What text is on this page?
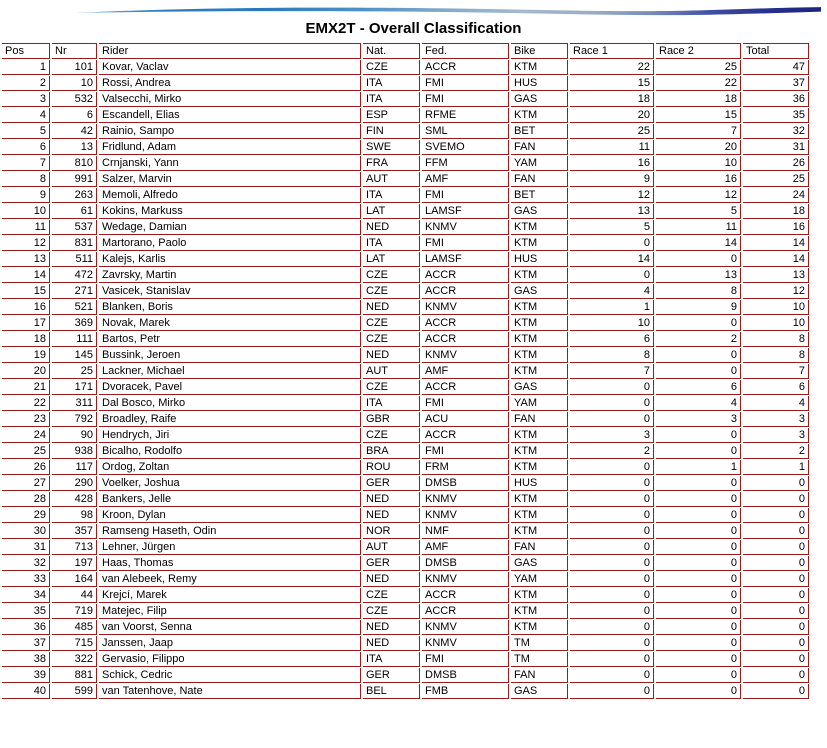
EMX2T - Overall Classification
Pos	Nr	Rider	Nat.	Fed.	Bike	Race 1	Race 2	Total
1	101	Kovar, Vaclav	CZE	ACCR	KTM	22	25	47
2	10	Rossi, Andrea	ITA	FMI	HUS	15	22	37
3	532	Valsecchi, Mirko	ITA	FMI	GAS	18	18	36
4	6	Escandell, Elias	ESP	RFME	KTM	20	15	35
5	42	Rainio, Sampo	FIN	SML	BET	25	7	32
6	13	Fridlund, Adam	SWE	SVEMO	FAN	11	20	31
7	810	Crnjanski, Yann	FRA	FFM	YAM	16	10	26
8	991	Salzer, Marvin	AUT	AMF	FAN	9	16	25
9	263	Memoli, Alfredo	ITA	FMI	BET	12	12	24
10	61	Kokins, Markuss	LAT	LAMSF	GAS	13	5	18
11	537	Wedage, Damian	NED	KNMV	KTM	5	11	16
12	831	Martorano, Paolo	ITA	FMI	KTM	0	14	14
13	511	Kalejs, Karlis	LAT	LAMSF	HUS	14	0	14
14	472	Zavrsky, Martin	CZE	ACCR	KTM	0	13	13
15	271	Vasicek, Stanislav	CZE	ACCR	GAS	4	8	12
16	521	Blanken, Boris	NED	KNMV	KTM	1	9	10
17	369	Novak, Marek	CZE	ACCR	KTM	10	0	10
18	111	Bartos, Petr	CZE	ACCR	KTM	6	2	8
19	145	Bussink, Jeroen	NED	KNMV	KTM	8	0	8
20	25	Lackner, Michael	AUT	AMF	KTM	7	0	7
21	171	Dvoracek, Pavel	CZE	ACCR	GAS	0	6	6
22	311	Dal Bosco, Mirko	ITA	FMI	YAM	0	4	4
23	792	Broadley, Raife	GBR	ACU	FAN	0	3	3
24	90	Hendrych, Jiri	CZE	ACCR	KTM	3	0	3
25	938	Bicalho, Rodolfo	BRA	FMI	KTM	2	0	2
26	117	Ordog, Zoltan	ROU	FRM	KTM	0	1	1
27	290	Voelker, Joshua	GER	DMSB	HUS	0	0	0
28	428	Bankers, Jelle	NED	KNMV	KTM	0	0	0
29	98	Kroon, Dylan	NED	KNMV	KTM	0	0	0
30	357	Ramseng Haseth, Odin	NOR	NMF	KTM	0	0	0
31	713	Lehner, Jürgen	AUT	AMF	FAN	0	0	0
32	197	Haas, Thomas	GER	DMSB	GAS	0	0	0
33	164	van Alebeek, Remy	NED	KNMV	YAM	0	0	0
34	44	Krejcí, Marek	CZE	ACCR	KTM	0	0	0
35	719	Matejec, Filip	CZE	ACCR	KTM	0	0	0
36	485	van Voorst, Senna	NED	KNMV	KTM	0	0	0
37	715	Janssen, Jaap	NED	KNMV	TM	0	0	0
38	322	Gervasio, Filippo	ITA	FMI	TM	0	0	0
39	881	Schick, Cedric	GER	DMSB	FAN	0	0	0
40	599	van Tatenhove, Nate	BEL	FMB	GAS	0	0	0
